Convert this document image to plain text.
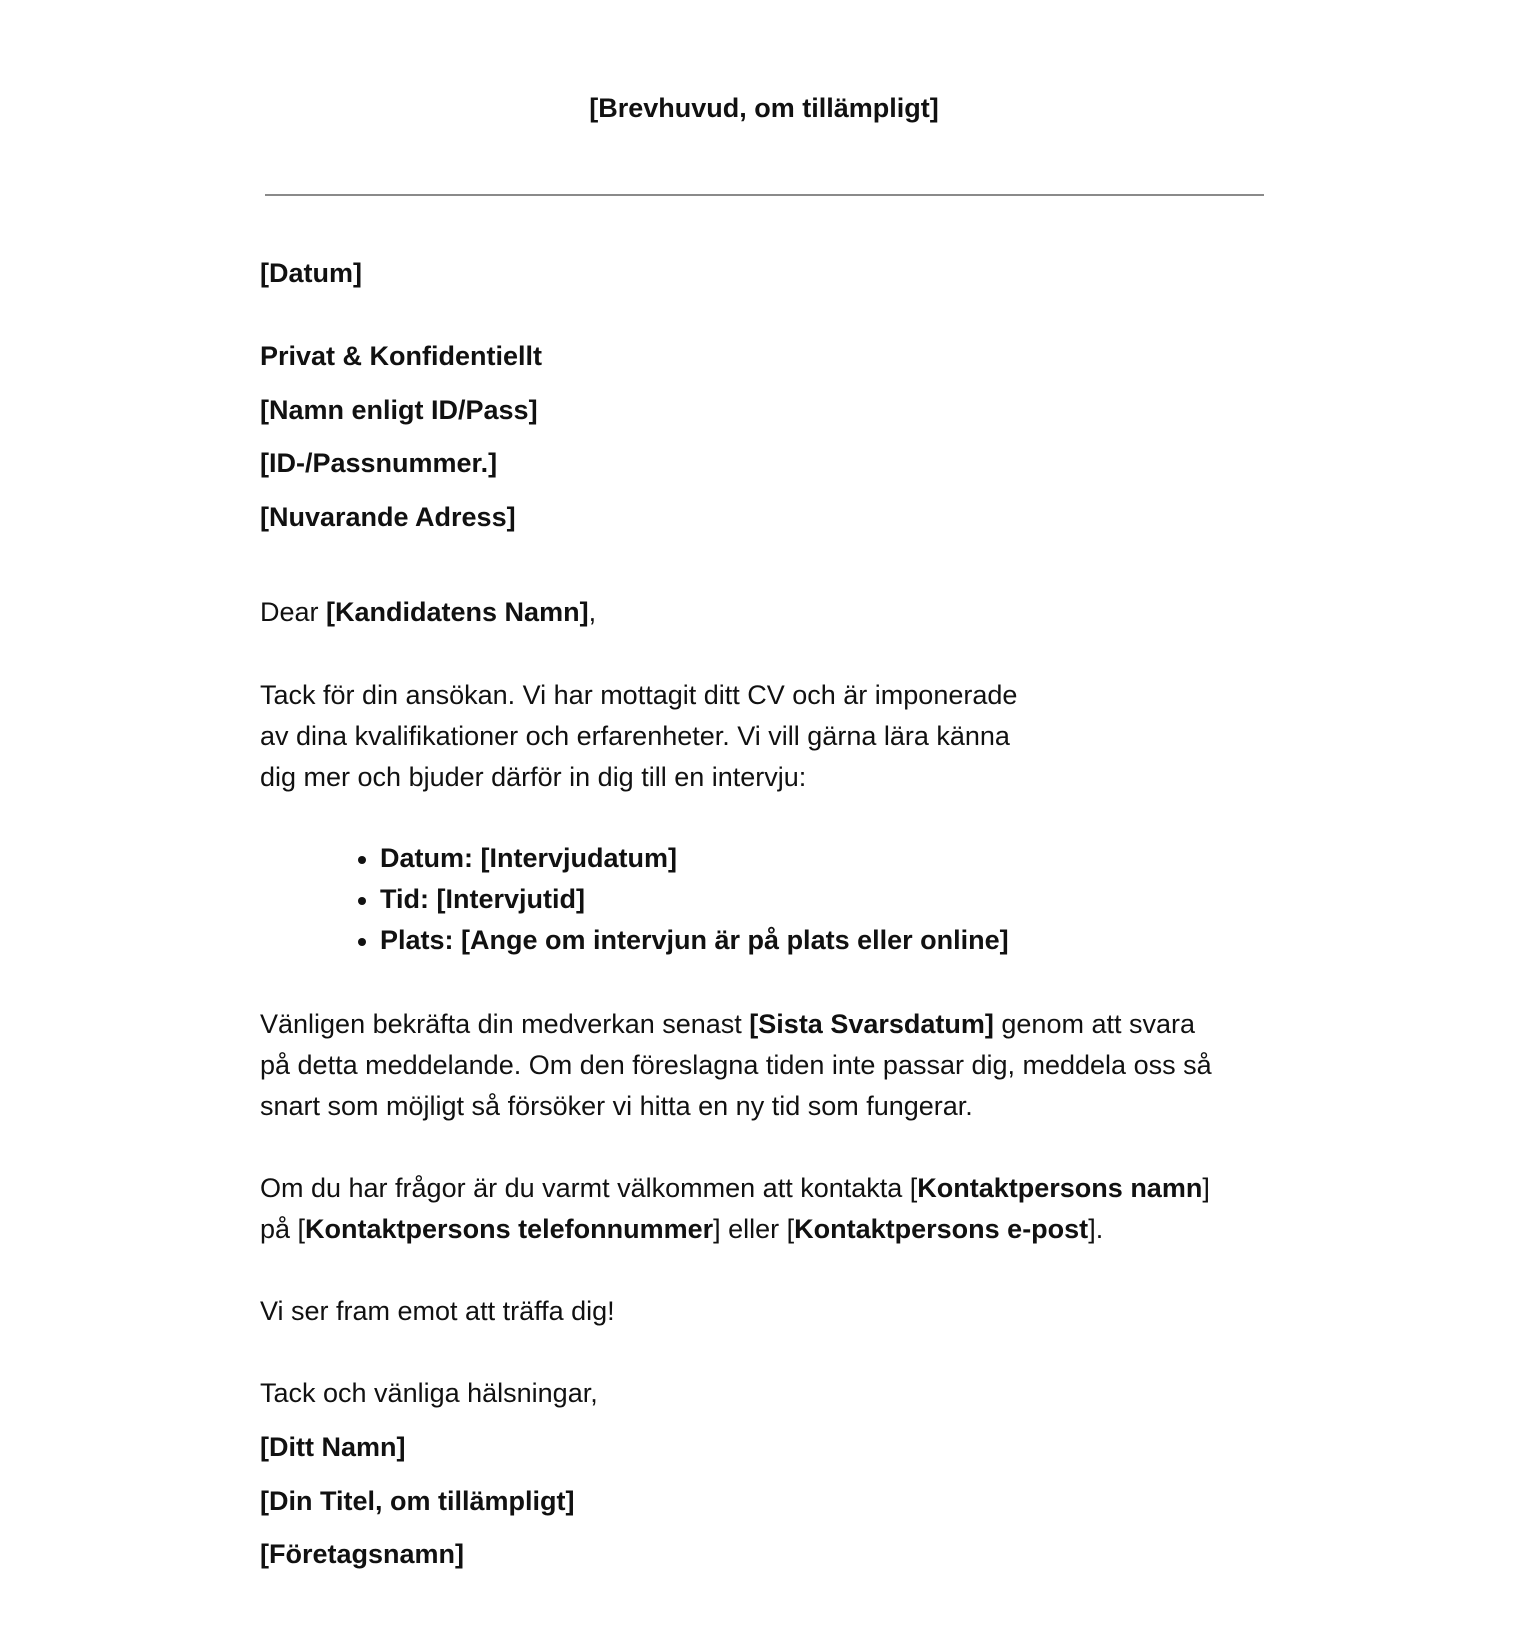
[Brevhuvud, om tillämpligt]
[Datum]
Privat & Konfidentiellt
[Namn enligt ID/Pass]
[ID-/Passnummer.]
[Nuvarande Adress]
Dear [Kandidatens Namn],

Tack för din ansökan. Vi har mottagit ditt CV och är imponerade

av dina kvalifikationer och erfarenheter. Vi vill gärna lära känna

dig mer och bjuder därför in dig till en intervju:

Datum: [Intervjudatum]
Tid: [Intervjutid]
Plats: [Ange om intervjun är på plats eller online]

Vänligen bekräfta din medverkan senast [Sista Svarsdatum] genom att svara

på detta meddelande. Om den föreslagna tiden inte passar dig, meddela oss så

snart som möjligt så försöker vi hitta en ny tid som fungerar.

Om du har frågor är du varmt välkommen att kontakta [Kontaktpersons namn]

på [Kontaktpersons telefonnummer] eller [Kontaktpersons e-post].

Vi ser fram emot att träffa dig!
Tack och vänliga hälsningar,
[Ditt Namn]
[Din Titel, om tillämpligt]
[Företagsnamn]
